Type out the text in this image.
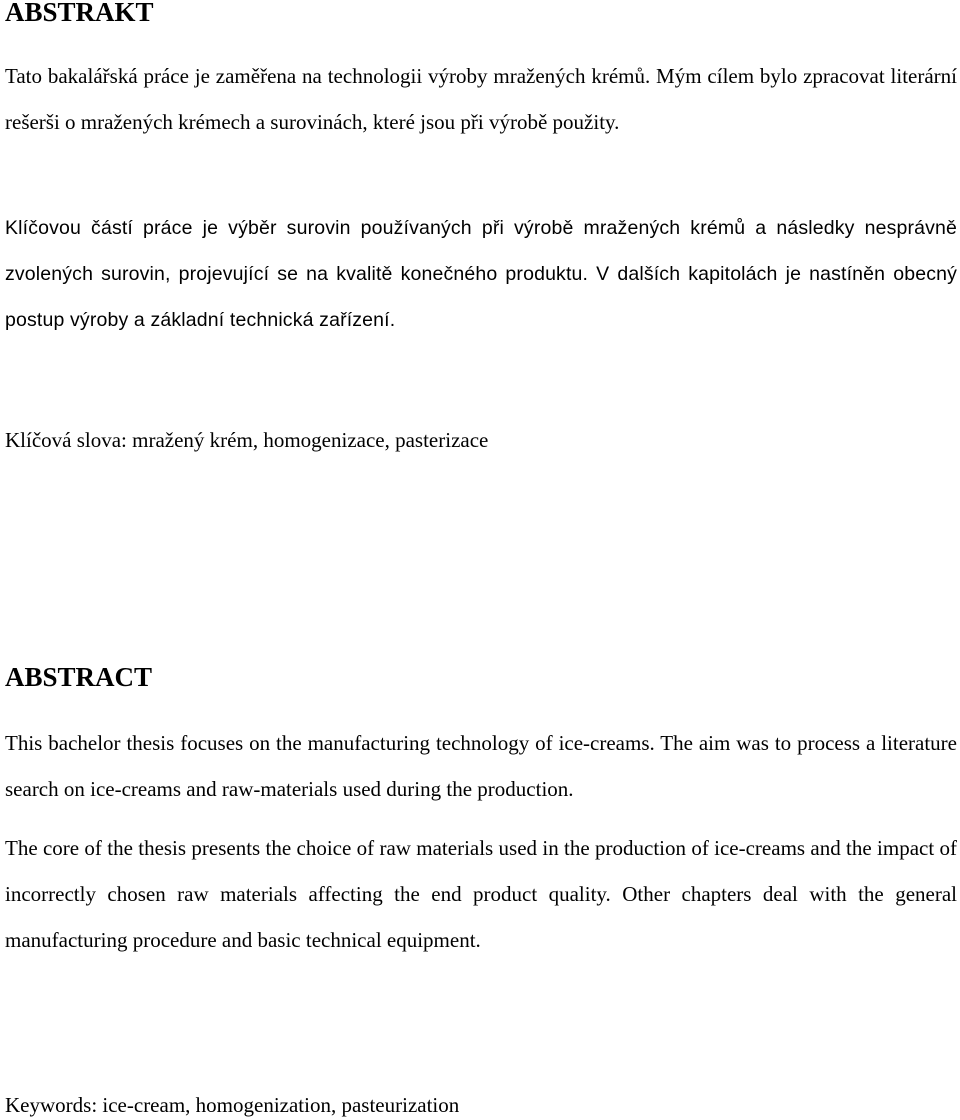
ABSTRAKT

Tato bakalářská práce je zaměřena na technologii výroby mražených krémů. Mým cílem bylo zpracovat literární rešerši o mražených krémech a surovinách, které jsou při výrobě použity.

Klíčovou částí práce je výběr surovin používaných při výrobě mražených krémů a následky nesprávně zvolených surovin, projevující se na kvalitě konečného produktu. V dalších kapitolách je nastíněn obecný postup výroby a základní technická zařízení.

Klíčová slova: mražený krém, homogenizace, pasterizace

ABSTRACT

This bachelor thesis focuses on the manufacturing technology of ice-creams. The aim was to process a literature search on ice-creams and raw-materials used during the production.

The core of the thesis presents the choice of raw materials used in the production of ice-creams and the impact of incorrectly chosen raw materials affecting the end product quality. Other chapters deal with the general manufacturing procedure and basic technical equipment.

Keywords: ice-cream, homogenization, pasteurization
